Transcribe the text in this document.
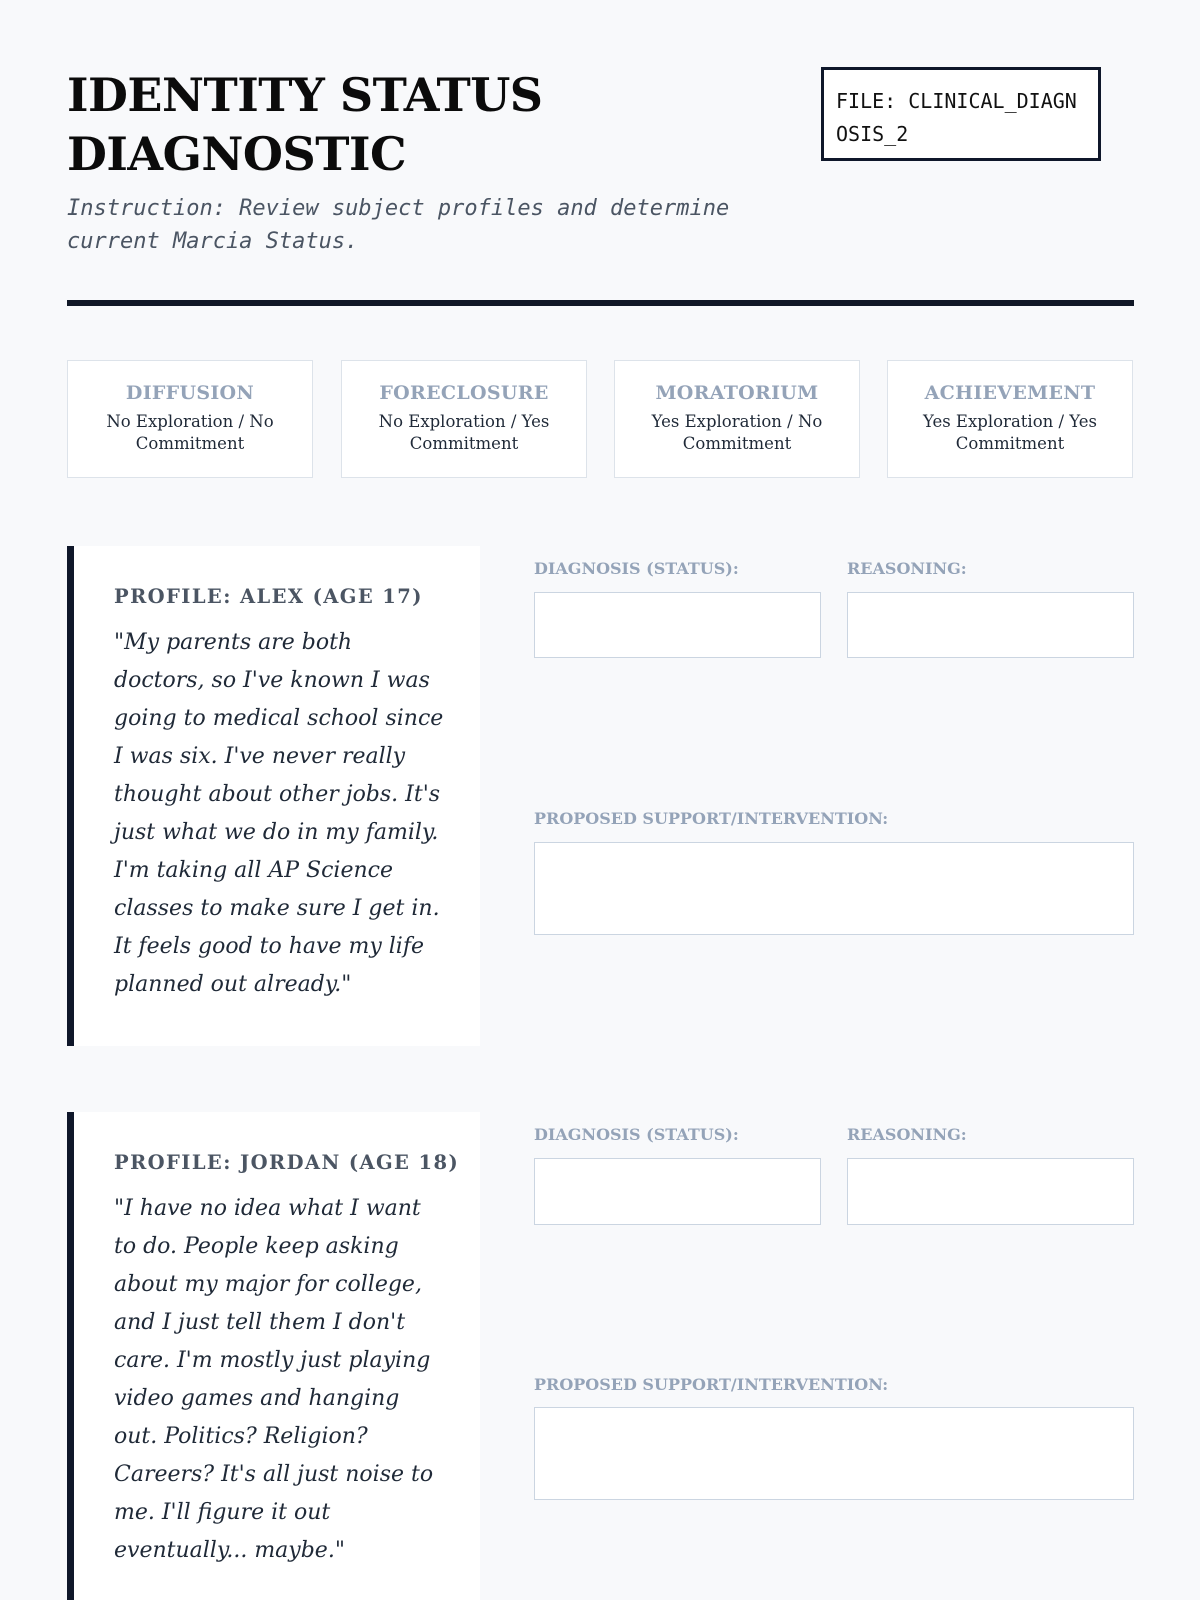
IDENTITY STATUS DIAGNOSTIC
Instruction: Review subject profiles and determine current Marcia Status.
FILE: CLINICAL_DIAGNOSIS_2
DIFFUSION
No Exploration / No Commitment
FORECLOSURE
No Exploration / Yes Commitment
MORATORIUM
Yes Exploration / No Commitment
ACHIEVEMENT
Yes Exploration / Yes Commitment
PROFILE: ALEX (AGE 17)
"My parents are both doctors, so I've known I was going to medical school since I was six. I've never really thought about other jobs. It's just what we do in my family. I'm taking all AP Science classes to make sure I get in. It feels good to have my life planned out already."
DIAGNOSIS (STATUS):	REASONING:
PROPOSED SUPPORT/INTERVENTION:
PROFILE: JORDAN (AGE 18)
"I have no idea what I want to do. People keep asking about my major for college, and I just tell them I don't care. I'm mostly just playing video games and hanging out. Politics? Religion? Careers? It's all just noise to me. I'll figure it out eventually... maybe."
DIAGNOSIS (STATUS):	REASONING:
PROPOSED SUPPORT/INTERVENTION:
